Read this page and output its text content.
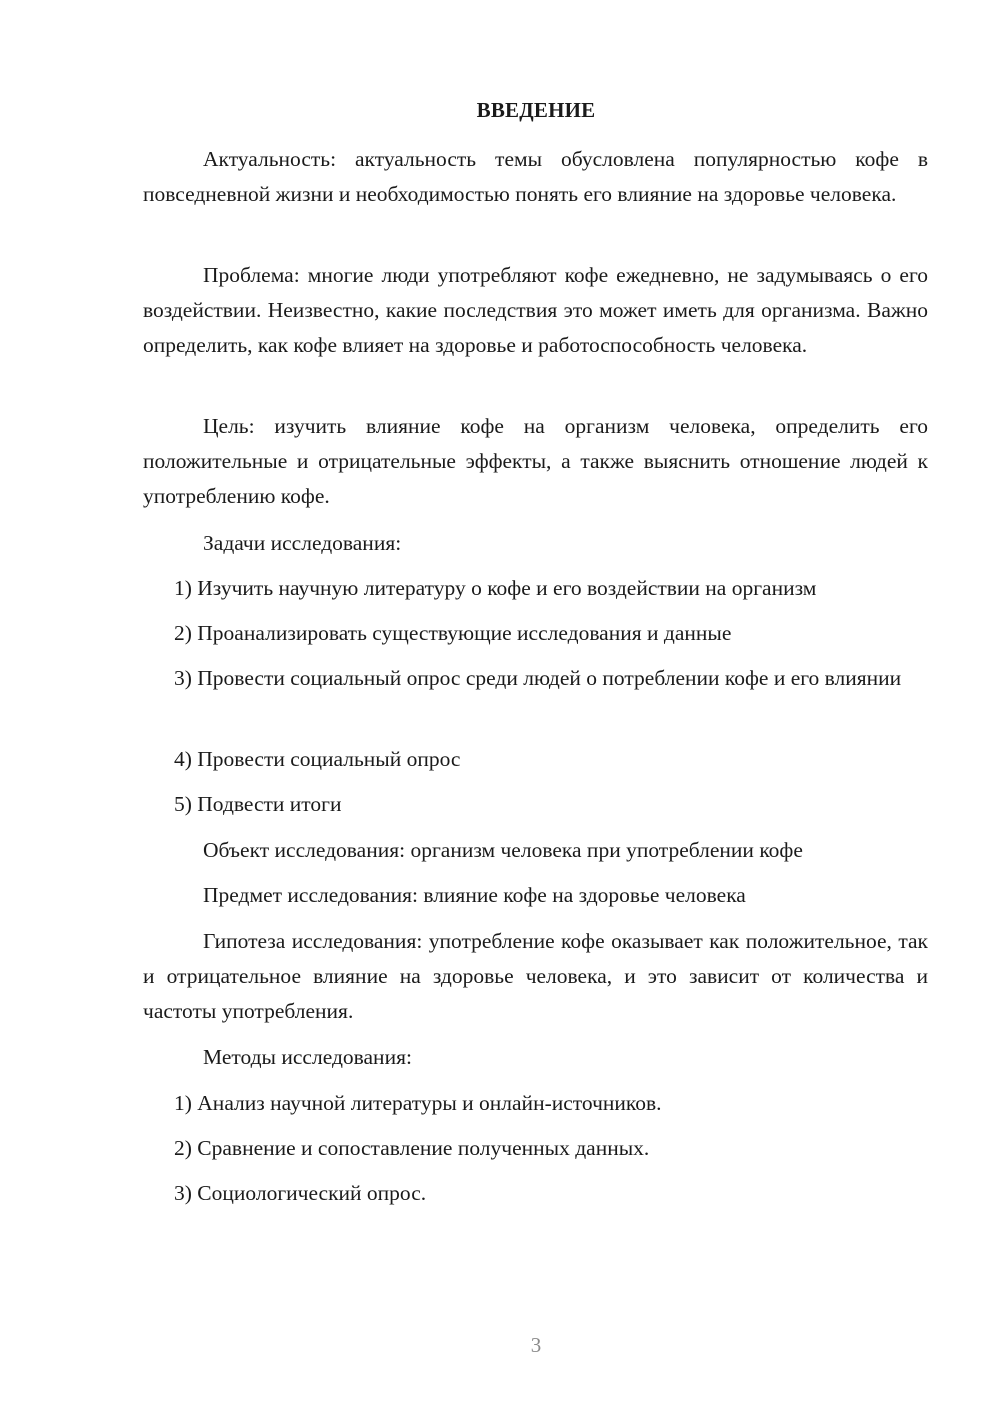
ВВЕДЕНИЕ

Актуальность: актуальность темы обусловлена популярностью кофе в повседневной жизни и необходимостью понять его влияние на здоровье человека.

Проблема: многие люди употребляют кофе ежедневно, не задумываясь о его воздействии. Неизвестно, какие последствия это может иметь для организма. Важно определить, как кофе влияет на здоровье и работоспособность человека.

Цель: изучить влияние кофе на организм человека, определить его положительные и отрицательные эффекты, а также выяснить отношение людей к употреблению кофе.

Задачи исследования:

1) Изучить научную литературу о кофе и его воздействии на организм

2) Проанализировать существующие исследования и данные

3) Провести социальный опрос среди людей о потреблении кофе и его влиянии

4) Провести социальный опрос

5) Подвести итоги

Объект исследования: организм человека при употреблении кофе

Предмет исследования: влияние кофе на здоровье человека

Гипотеза исследования: употребление кофе оказывает как положительное, так и отрицательное влияние на здоровье человека, и это зависит от количества и частоты употребления.

Методы исследования:

1) Анализ научной литературы и онлайн-источников.

2) Сравнение и сопоставление полученных данных.

3) Социологический опрос.

3
